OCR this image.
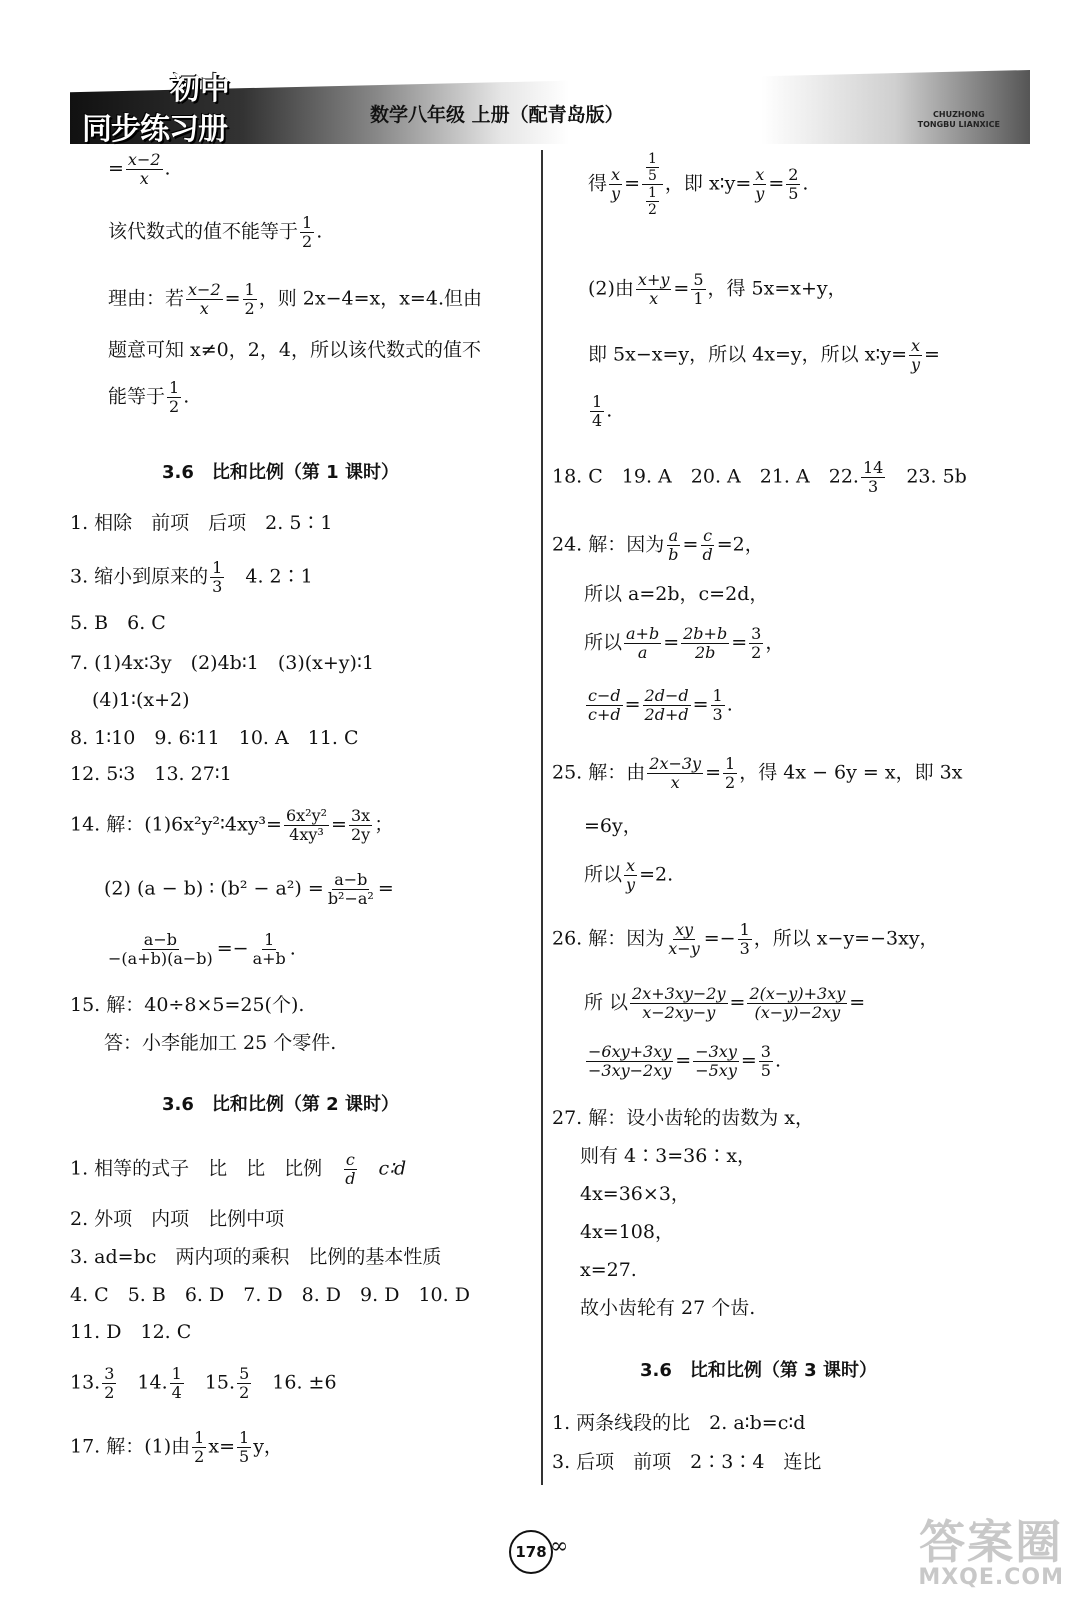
初中
同步练习册	数学八年级 上册（配青岛版）	CHUZHONG
TONGBU LIANXICE
= $\frac{x-2}{x}$ .
该代数式的值不能等于 $\frac{1}{2}$ .
理由：若 $\frac{x-2}{x} = \frac{1}{2}$ ，则 2x−4=x，x=4.但由
题意可知 x≠0，2，4，所以该代数式的值不
能等于 $\frac{1}{2}$ .
3.6　比和比例（第 1 课时）
1. 相除　前项　后项　2. 5∶1
3. 缩小到原来的 $\frac{1}{3}$ 　4. 2∶1
5. B　6. C
7. (1)4x∶3y　(2)4b∶1　(3)(x+y)∶1
(4)1∶(x+2)
8. 1∶10　9. 6∶11　10. A　11. C
12. 5∶3　13. 27∶1
14. 解：(1)6x²y²∶4xy³= $\frac{\text{6x²y²}}{\text{4xy³}} = \frac{3x}{2y}$ ；
(2) (a − b) ∶ $(b^2 - a^2) = \frac{a-b}{\text{b²−a²}}$ =
$\frac{a-b}{-(a+b)(a-b)} =- \frac{1}{a+b}$ .
15. 解：40÷8×5=25(个).
答：小李能加工 25 个零件.
3.6　比和比例（第 2 课时）
1. 相等的式子　比　比　比例　 $\frac{c}{d}$
　 c∶d
2. 外项　内项　比例中项
3. ad=bc　两内项的乘积　比例的基本性质
4. C　5. B　6. D　7. D　8. D　9. D　10. D
11. D　12. C
13. $\frac{3}{2}$
　 14. $\frac{1}{4}$
　 15. $\frac{5}{2}$
　 16. ±6
17. 解：(1)由 $\frac{1}{2} x= \frac{1}{5}$ y，
得 $\frac{x}{y} = \frac{\frac{1}{5}}{\frac{1}{2}}$ ，即 x∶y= $\frac{x}{y} = \frac{2}{5}$ .
(2)由 $\frac{x+y}{x} = \frac{5}{1}$ ，得 5x=x+y，
即 5x−x=y，所以 4x=y，所以 x∶y= $\frac{x}{y}$ =
$\frac{1}{4}$ .
18. C　19. A　20. A　21. A　22. $\frac{14}{3}$ 　23. 5b
24. 解：因为 $\frac{a}{b} = \frac{c}{d} =2$，
所以 a=2b，c=2d，
所以 $\frac{a+b}{a} = \frac{2b+b}{2b} = \frac{3}{2}$ ，
$\frac{c-d}{c+d} = \frac{2d-d}{2d+d} = \frac{1}{3}$ .
25. 解：由 $\frac{2x-3y}{x} = \frac{1}{2}$ ，得 4x − 6y = x，即 3x
=6y，
所以 $\frac{x}{y} =2$.
26. 解：因为 $\frac{xy}{x-y} =- \frac{1}{3}$ ，所以 x−y=−3xy，
所 以 $\frac{2x+3xy-2y}{x-2xy-y} = \frac{2(x-y)+3xy}{(x-y)-2xy}$ =
$\frac{-6xy+3xy}{-3xy-2xy} = \frac{-3xy}{-5xy} = \frac{3}{5}$ .
27. 解：设小齿轮的齿数为 x，
则有 4∶3=36∶x，
4x=36×3，
4x=108，
x=27.
故小齿轮有 27 个齿.
3.6　比和比例（第 3 课时）
1. 两条线段的比　2. a∶b=c∶d
3. 后项　前项　2∶3∶4　连比
178 ∞	答案圈
MXQE.COM
